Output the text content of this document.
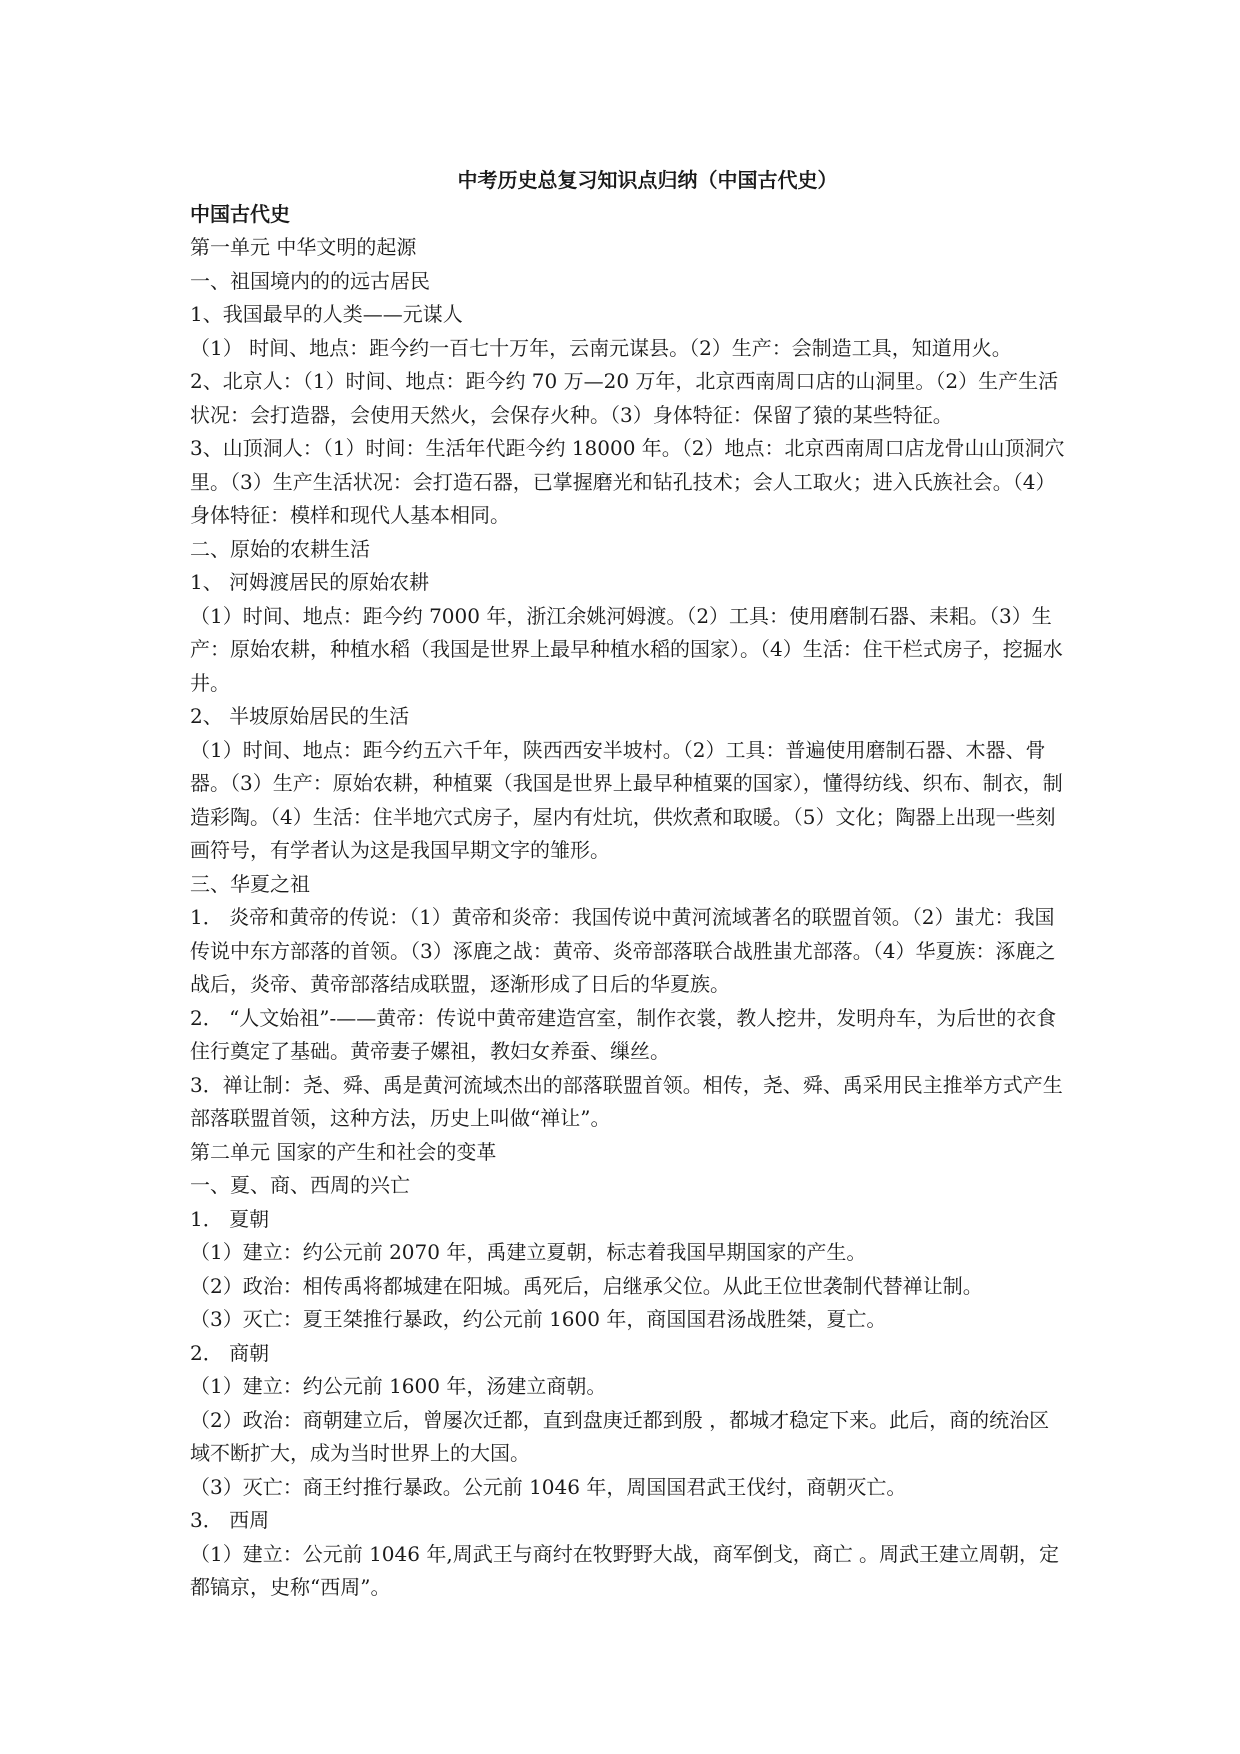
中考历史总复习知识点归纳（中国古代史）

中国古代史

第一单元 中华文明的起源

一、祖国境内的的远古居民

1、我国最早的人类——元谋人

（1） 时间、地点：距今约一百七十万年，云南元谋县。（2）生产：会制造工具，知道用火。

2、北京人：（1）时间、地点：距今约 70 万—20 万年，北京西南周口店的山洞里。（2）生产生活状况：会打造器，会使用天然火，会保存火种。（3）身体特征：保留了猿的某些特征。

3、山顶洞人：（1）时间：生活年代距今约 18000 年。（2）地点：北京西南周口店龙骨山山顶洞穴里。（3）生产生活状况：会打造石器，已掌握磨光和钻孔技术；会人工取火；进入氏族社会。（4）身体特征：模样和现代人基本相同。

二、原始的农耕生活

1、 河姆渡居民的原始农耕

（1）时间、地点：距今约 7000 年，浙江余姚河姆渡。（2）工具：使用磨制石器、耒耜。（3）生产：原始农耕，种植水稻（我国是世界上最早种植水稻的国家）。（4）生活：住干栏式房子，挖掘水井。

2、 半坡原始居民的生活

（1）时间、地点：距今约五六千年，陕西西安半坡村。（2）工具：普遍使用磨制石器、木器、骨器。（3）生产：原始农耕，种植粟（我国是世界上最早种植粟的国家），懂得纺线、织布、制衣，制造彩陶。（4）生活：住半地穴式房子，屋内有灶坑，供炊煮和取暖。（5）文化；陶器上出现一些刻画符号，有学者认为这是我国早期文字的雏形。

三、华夏之祖

1． 炎帝和黄帝的传说：（1）黄帝和炎帝：我国传说中黄河流域著名的联盟首领。（2）蚩尤：我国传说中东方部落的首领。（3）涿鹿之战：黄帝、炎帝部落联合战胜蚩尤部落。（4）华夏族：涿鹿之战后，炎帝、黄帝部落结成联盟，逐渐形成了日后的华夏族。

2． “人文始祖”-——黄帝：传说中黄帝建造宫室，制作衣裳，教人挖井，发明舟车，为后世的衣食住行奠定了基础。黄帝妻子嫘祖，教妇女养蚕、缫丝。

3．禅让制：尧、舜、禹是黄河流域杰出的部落联盟首领。相传，尧、舜、禹采用民主推举方式产生部落联盟首领，这种方法，历史上叫做“禅让”。

第二单元 国家的产生和社会的变革

一、夏、商、西周的兴亡

1． 夏朝

（1）建立：约公元前 2070 年，禹建立夏朝，标志着我国早期国家的产生。

（2）政治：相传禹将都城建在阳城。禹死后，启继承父位。从此王位世袭制代替禅让制。

（3）灭亡：夏王桀推行暴政，约公元前 1600 年，商国国君汤战胜桀，夏亡。

2． 商朝

（1）建立：约公元前 1600 年，汤建立商朝。

（2）政治：商朝建立后，曾屡次迁都，直到盘庚迁都到殷 ，都城才稳定下来。此后，商的统治区域不断扩大，成为当时世界上的大国。

（3）灭亡：商王纣推行暴政。公元前 1046 年，周国国君武王伐纣，商朝灭亡。

3． 西周

（1）建立：公元前 1046 年,周武王与商纣在牧野野大战，商军倒戈，商亡 。周武王建立周朝，定都镐京，史称“西周”。
